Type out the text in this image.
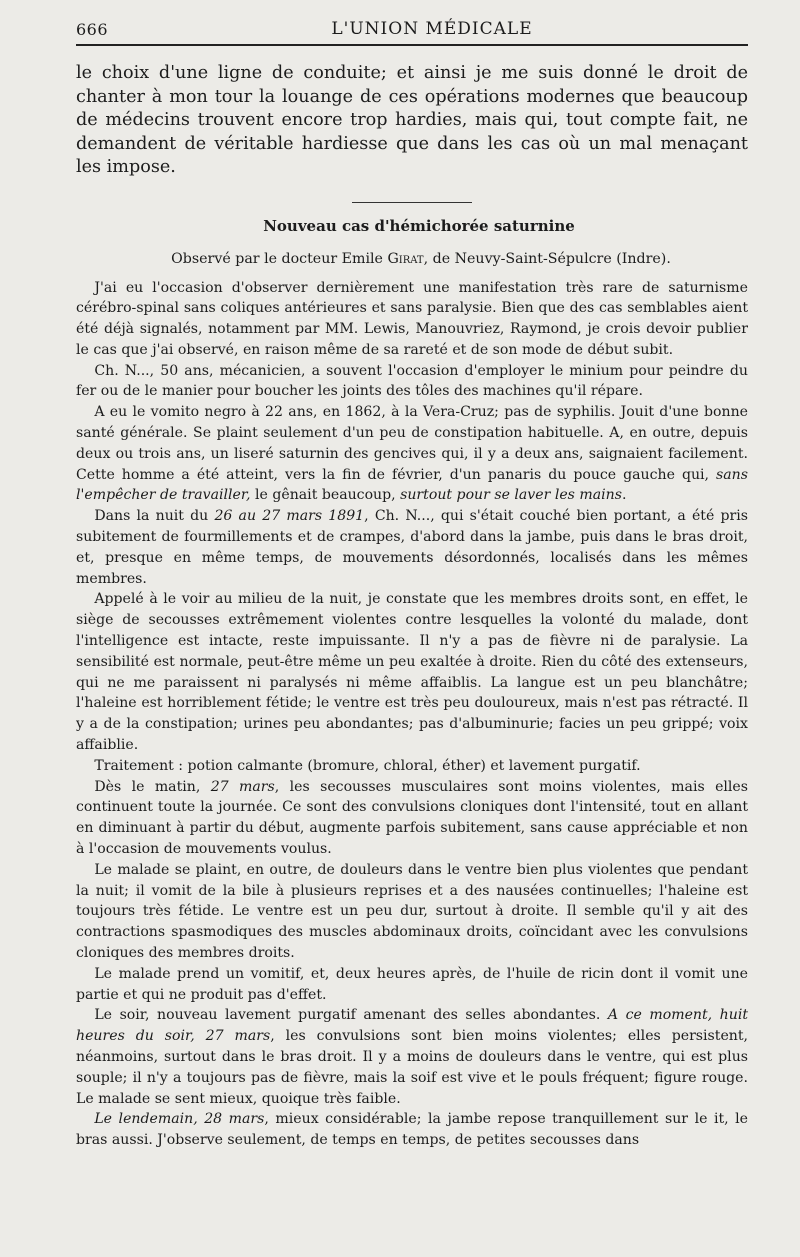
666	L'UNION MÉDICALE

le choix d'une ligne de conduite; et ainsi je me suis donné le droit de chanter à mon tour la louange de ces opérations modernes que beaucoup de médecins trouvent encore trop hardies, mais qui, tout compte fait, ne demandent de véritable hardiesse que dans les cas où un mal menaçant les impose.

Nouveau cas d'hémichorée saturnine
Observé par le docteur Emile Girat, de Neuvy-Saint-Sépulcre (Indre).

J'ai eu l'occasion d'observer dernièrement une manifestation très rare de saturnisme cérébro-spinal sans coliques antérieures et sans paralysie. Bien que des cas semblables aient été déjà signalés, notamment par MM. Lewis, Manouvriez, Raymond, je crois devoir publier le cas que j'ai observé, en raison même de sa rareté et de son mode de début subit.

Ch. N..., 50 ans, mécanicien, a souvent l'occasion d'employer le minium pour peindre du fer ou de le manier pour boucher les joints des tôles des machines qu'il répare.

A eu le vomito negro à 22 ans, en 1862, à la Vera-Cruz; pas de syphilis. Jouit d'une bonne santé générale. Se plaint seulement d'un peu de constipation habituelle. A, en outre, depuis deux ou trois ans, un liseré saturnin des gencives qui, il y a deux ans, saignaient facilement. Cette homme a été atteint, vers la fin de février, d'un panaris du pouce gauche qui, sans l'empêcher de travailler, le gênait beaucoup, surtout pour se laver les mains.

Dans la nuit du 26 au 27 mars 1891, Ch. N..., qui s'était couché bien portant, a été pris subitement de fourmillements et de crampes, d'abord dans la jambe, puis dans le bras droit, et, presque en même temps, de mouvements désordonnés, localisés dans les mêmes membres.

Appelé à le voir au milieu de la nuit, je constate que les membres droits sont, en effet, le siège de secousses extrêmement violentes contre lesquelles la volonté du malade, dont l'intelligence est intacte, reste impuissante. Il n'y a pas de fièvre ni de paralysie. La sensibilité est normale, peut-être même un peu exaltée à droite. Rien du côté des extenseurs, qui ne me paraissent ni paralysés ni même affaiblis. La langue est un peu blanchâtre; l'haleine est horriblement fétide; le ventre est très peu douloureux, mais n'est pas rétracté. Il y a de la constipation; urines peu abondantes; pas d'albuminurie; facies un peu grippé; voix affaiblie.

Traitement : potion calmante (bromure, chloral, éther) et lavement purgatif.

Dès le matin, 27 mars, les secousses musculaires sont moins violentes, mais elles continuent toute la journée. Ce sont des convulsions cloniques dont l'intensité, tout en allant en diminuant à partir du début, augmente parfois subitement, sans cause appréciable et non à l'occasion de mouvements voulus.

Le malade se plaint, en outre, de douleurs dans le ventre bien plus violentes que pendant la nuit; il vomit de la bile à plusieurs reprises et a des nausées continuelles; l'haleine est toujours très fétide. Le ventre est un peu dur, surtout à droite. Il semble qu'il y ait des contractions spasmodiques des muscles abdominaux droits, coïncidant avec les convulsions cloniques des membres droits.

Le malade prend un vomitif, et, deux heures après, de l'huile de ricin dont il vomit une partie et qui ne produit pas d'effet.

Le soir, nouveau lavement purgatif amenant des selles abondantes. A ce moment, huit heures du soir, 27 mars, les convulsions sont bien moins violentes; elles persistent, néanmoins, surtout dans le bras droit. Il y a moins de douleurs dans le ventre, qui est plus souple; il n'y a toujours pas de fièvre, mais la soif est vive et le pouls fréquent; figure rouge. Le malade se sent mieux, quoique très faible.

Le lendemain, 28 mars, mieux considérable; la jambe repose tranquillement sur le it, le bras aussi. J'observe seulement, de temps en temps, de petites secousses dans
